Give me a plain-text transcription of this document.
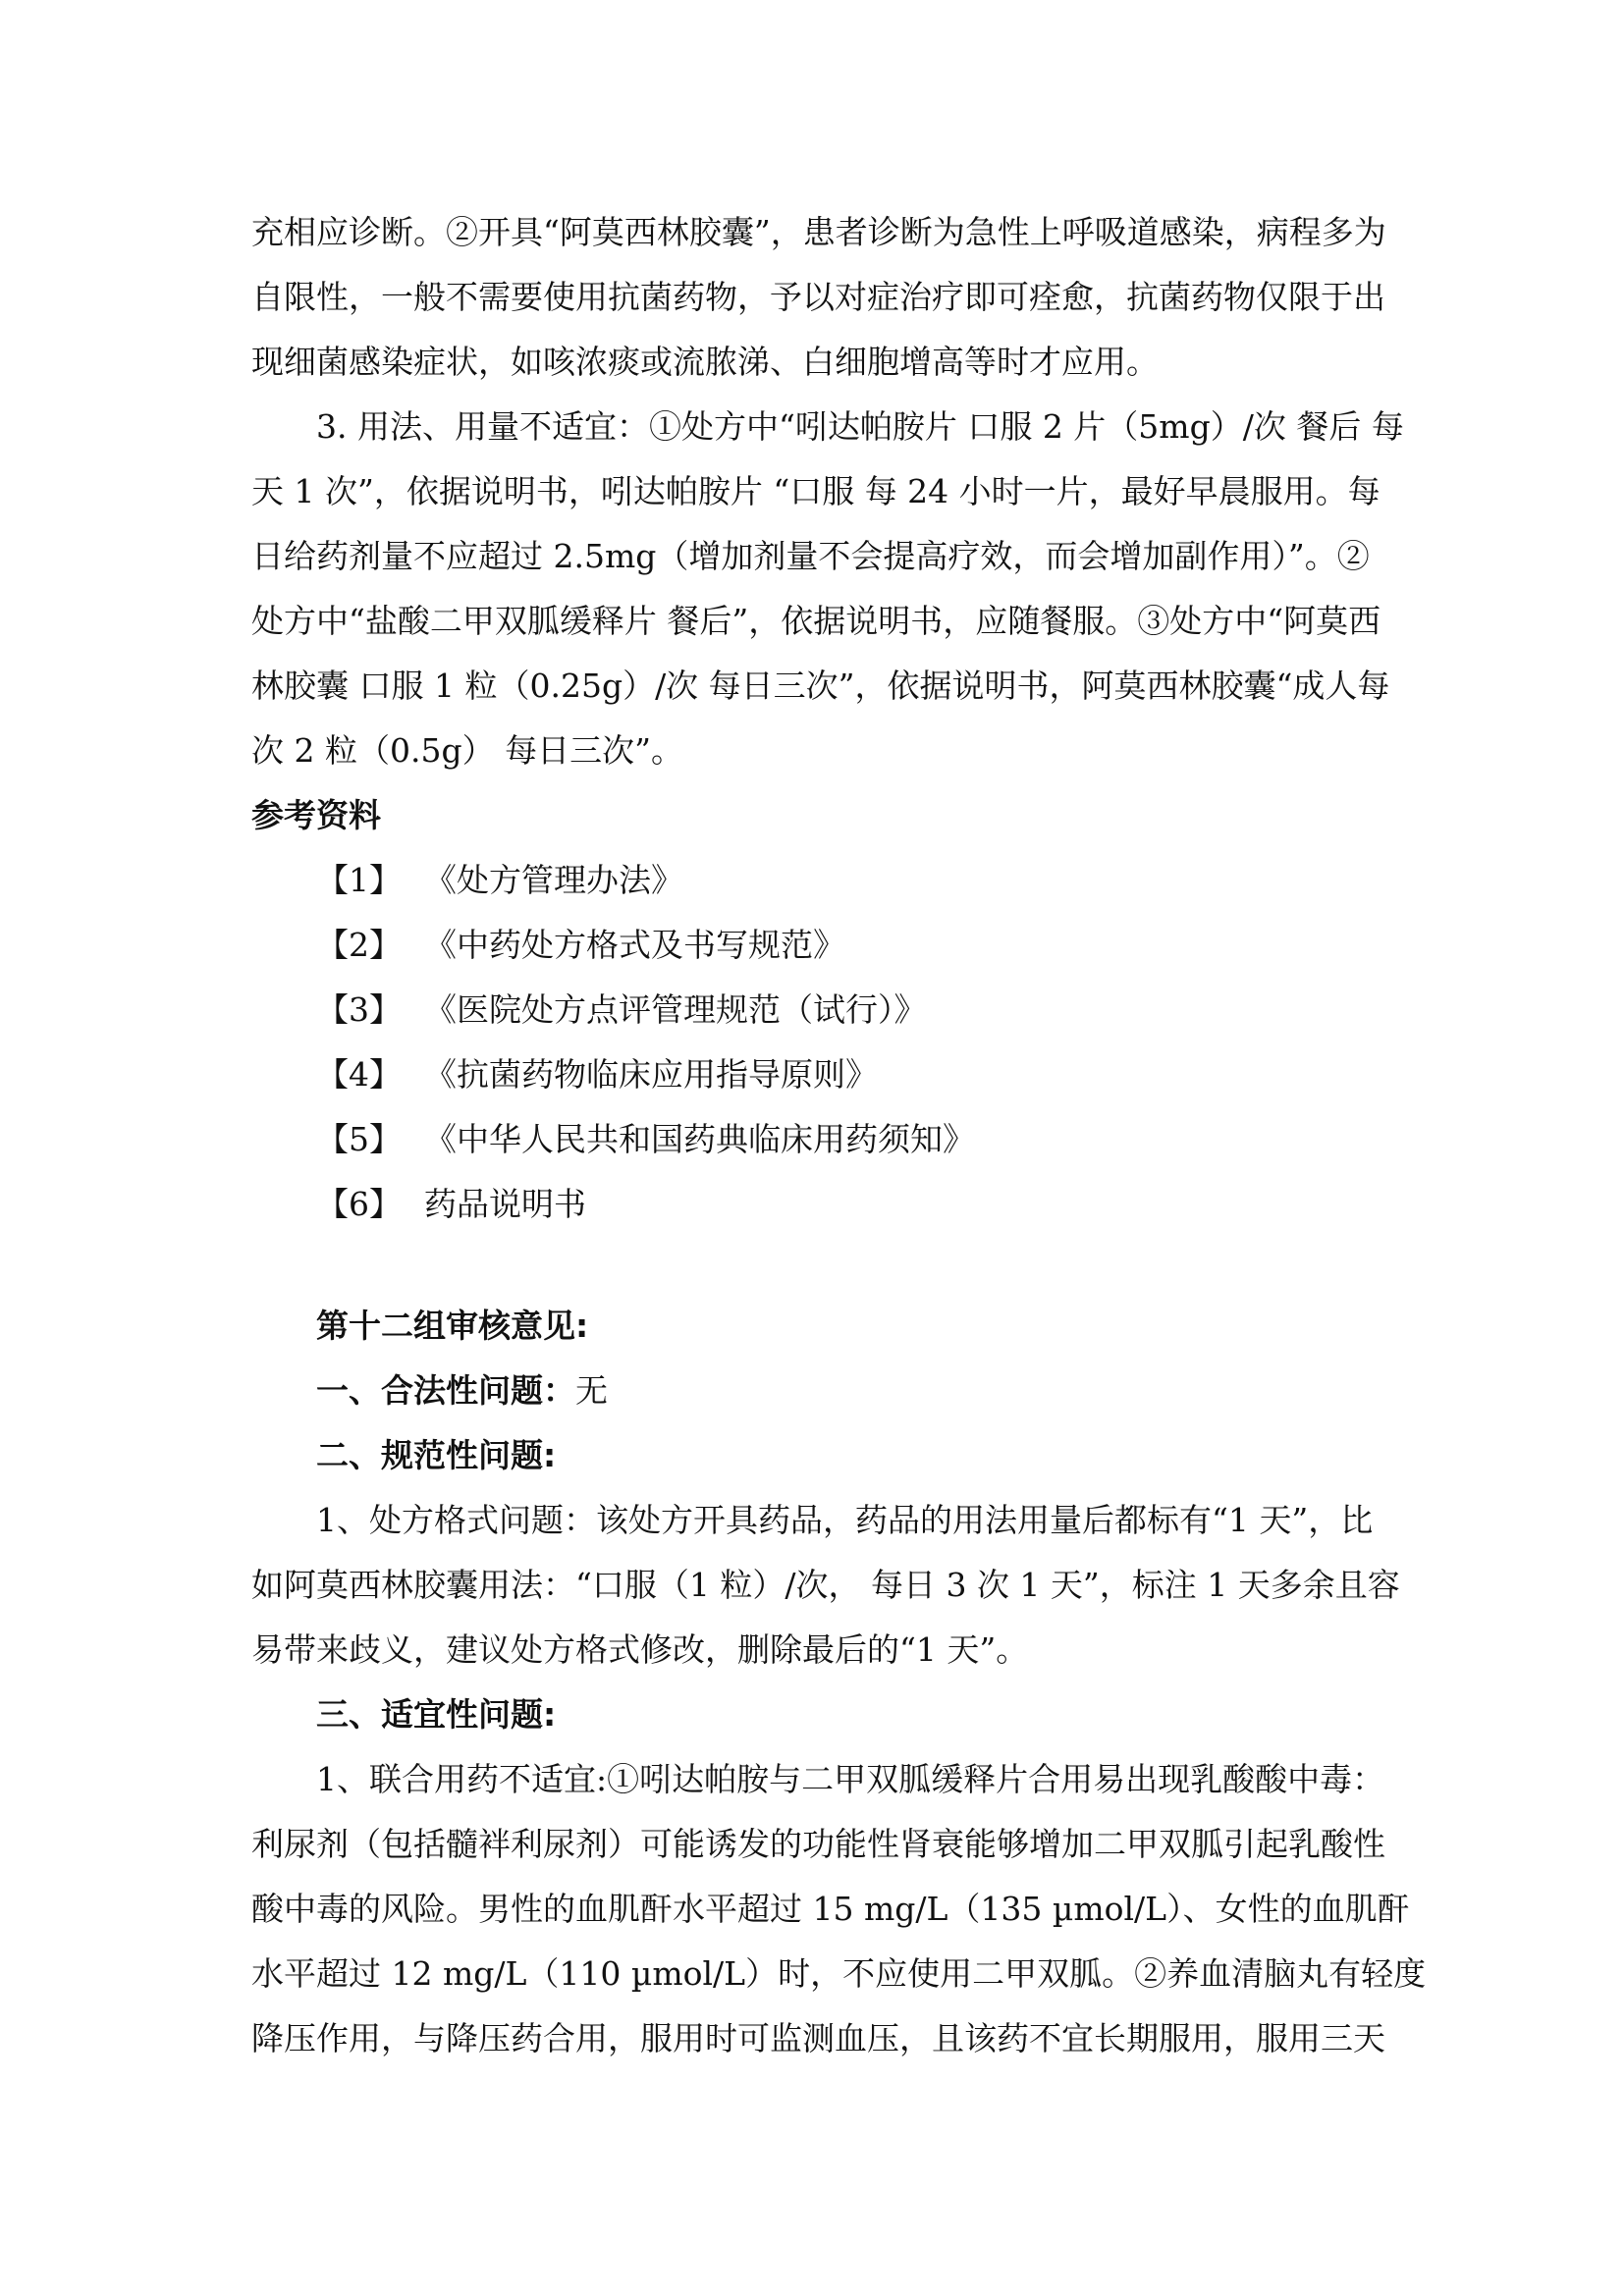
充相应诊断。②开具“阿莫西林胶囊”，患者诊断为急性上呼吸道感染，病程多为

自限性，一般不需要使用抗菌药物，予以对症治疗即可痊愈，抗菌药物仅限于出

现细菌感染症状，如咳浓痰或流脓涕、白细胞增高等时才应用。

3. 用法、用量不适宜：①处方中“吲达帕胺片 口服 2 片（5mg）/次 餐后 每

天 1 次”，依据说明书，吲达帕胺片 “口服 每 24 小时一片，最好早晨服用。每

日给药剂量不应超过 2.5mg（增加剂量不会提高疗效，而会增加副作用）”。②

处方中“盐酸二甲双胍缓释片 餐后”，依据说明书，应随餐服。③处方中“阿莫西

林胶囊 口服 1 粒（0.25g）/次 每日三次”，依据说明书，阿莫西林胶囊“成人每

次 2 粒（0.5g） 每日三次”。

参考资料

【1】 《处方管理办法》

【2】 《中药处方格式及书写规范》

【3】 《医院处方点评管理规范（试行）》

【4】 《抗菌药物临床应用指导原则》

【5】 《中华人民共和国药典临床用药须知》

【6】 药品说明书

第十二组审核意见:

一、合法性问题：无

二、规范性问题:

1、处方格式问题：该处方开具药品，药品的用法用量后都标有“1 天”，比

如阿莫西林胶囊用法：“口服（1 粒）/次， 每日 3 次 1 天”，标注 1 天多余且容

易带来歧义，建议处方格式修改，删除最后的“1 天”。

三、适宜性问题:

1、联合用药不适宜:①吲达帕胺与二甲双胍缓释片合用易出现乳酸酸中毒：

利尿剂（包括髓袢利尿剂）可能诱发的功能性肾衰能够增加二甲双胍引起乳酸性

酸中毒的风险。男性的血肌酐水平超过 15 mg/L（135 µmol/L）、女性的血肌酐

水平超过 12 mg/L（110 µmol/L）时，不应使用二甲双胍。②养血清脑丸有轻度

降压作用，与降压药合用，服用时可监测血压，且该药不宜长期服用，服用三天
